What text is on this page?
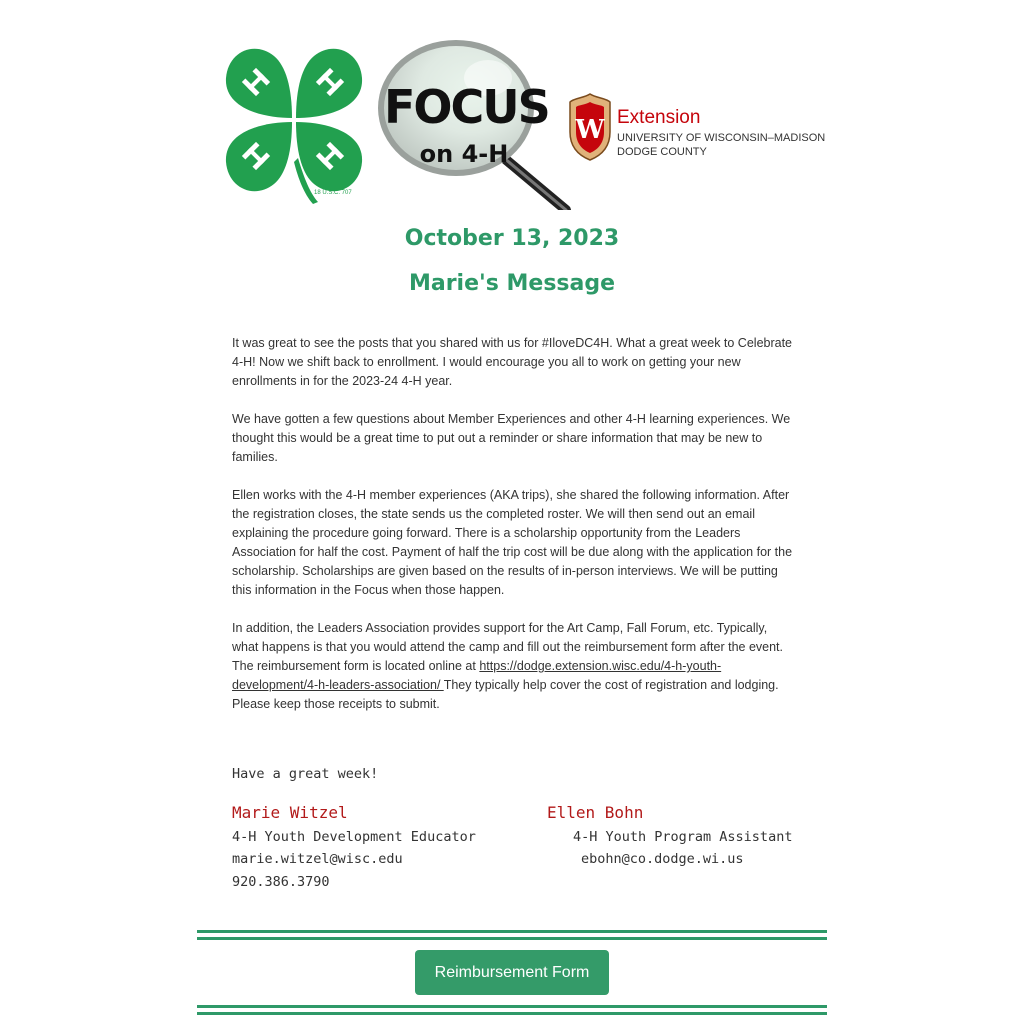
18 U.S.C. 707
FOCUS
on 4-H
W Extension
UNIVERSITY OF WISCONSIN–MADISON
DODGE COUNTY
October 13, 2023
Marie's Message

It was great to see the posts that you shared with us for #IloveDC4H. What a great week to Celebrate 4-H! Now we shift back to enrollment. I would encourage you all to work on getting your new enrollments in for the 2023-24 4-H year.

We have gotten a few questions about Member Experiences and other 4-H learning experiences. We thought this would be a great time to put out a reminder or share information that may be new to families.

Ellen works with the 4-H member experiences (AKA trips), she shared the following information. After the registration closes, the state sends us the completed roster. We will then send out an email explaining the procedure going forward. There is a scholarship opportunity from the Leaders Association for half the cost. Payment of half the trip cost will be due along with the application for the scholarship. Scholarships are given based on the results of in-person interviews. We will be putting this information in the Focus when those happen.

In addition, the Leaders Association provides support for the Art Camp, Fall Forum, etc. Typically, what happens is that you would attend the camp and fill out the reimbursement form after the event. The reimbursement form is located online at https://dodge.extension.wisc.edu/4-h-youth-development/4-h-leaders-association/ They typically help cover the cost of registration and lodging. Please keep those receipts to submit.

Have a great week!
Marie Witzel
4-H Youth Development Educator
marie.witzel@wisc.edu
920.386.3790
Ellen Bohn
4-H Youth Program Assistant
ebohn@co.dodge.wi.us
Reimbursement Form
